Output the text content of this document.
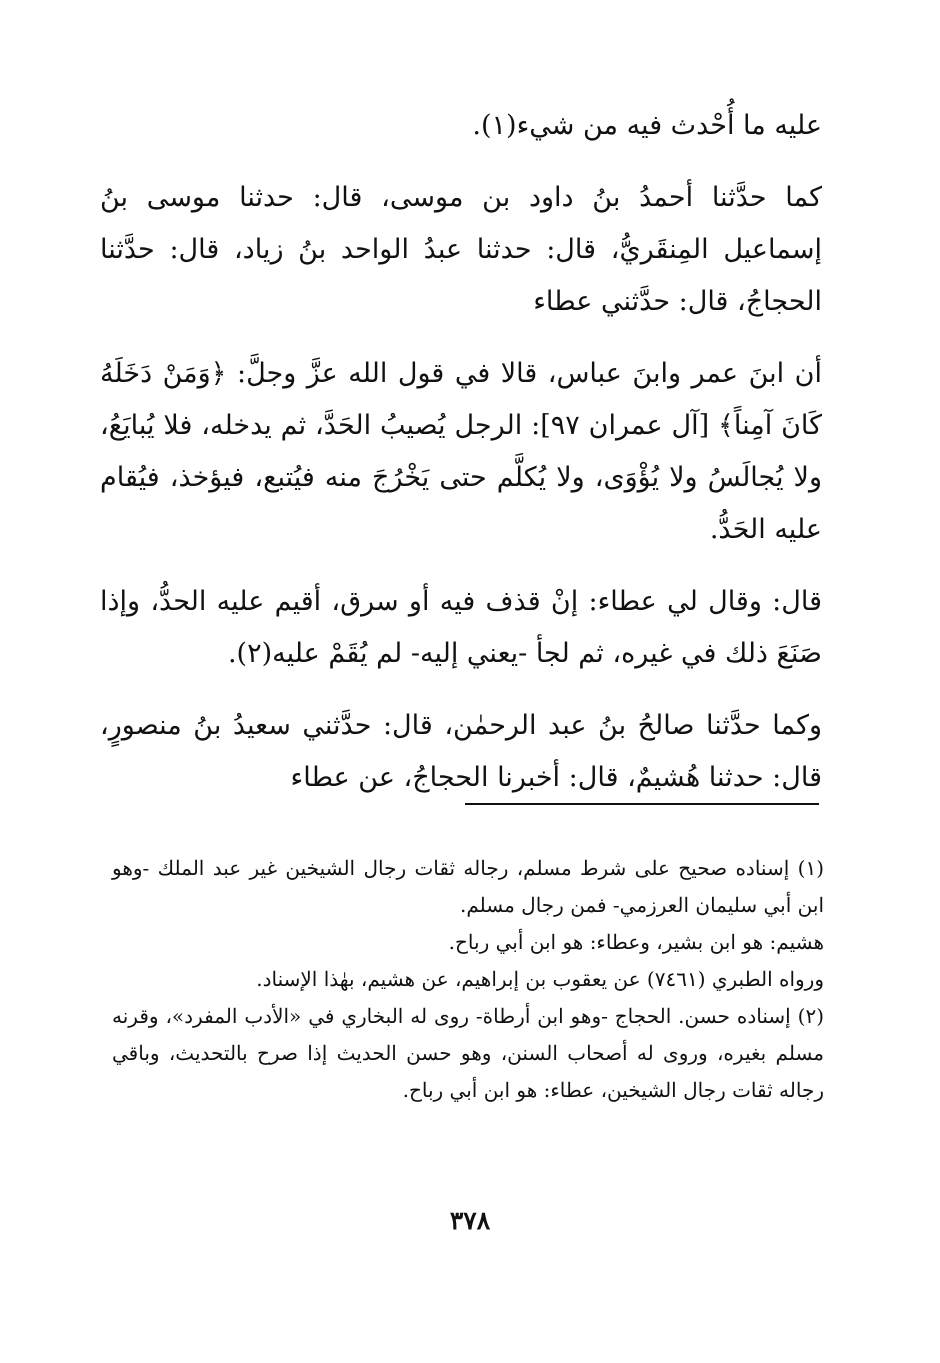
عليه ما أُحْدث فيه من شيء(١).

كما حدَّثنا أحمدُ بنُ داود بن موسى، قال: حدثنا موسى بنُ إسماعيل المِنقَريُّ، قال: حدثنا عبدُ الواحد بنُ زياد، قال: حدَّثنا الحجاجُ، قال: حدَّثني عطاء

أن ابنَ عمر وابنَ عباس، قالا في قول الله عزَّ وجلَّ: ﴿وَمَنْ دَخَلَهُ كَانَ آمِناً﴾ [آل عمران ٩٧]: الرجل يُصيبُ الحَدَّ، ثم يدخله، فلا يُبايَعُ، ولا يُجالَسُ ولا يُؤْوَى، ولا يُكلَّم حتى يَخْرُجَ منه فيُتبع، فيؤخذ، فيُقام عليه الحَدُّ.

قال: وقال لي عطاء: إنْ قذف فيه أو سرق، أقيم عليه الحدُّ، وإذا صَنَعَ ذلك في غيره، ثم لجأ -يعني إليه- لم يُقَمْ عليه(٢).

وكما حدَّثنا صالحُ بنُ عبد الرحمٰن، قال: حدَّثني سعيدُ بنُ منصورٍ، قال: حدثنا هُشيمٌ، قال: أخبرنا الحجاجُ، عن عطاء

(١) إسناده صحيح على شرط مسلم، رجاله ثقات رجال الشيخين غير عبد الملك -وهو ابن أبي سليمان العرزمي- فمن رجال مسلم.

هشيم: هو ابن بشير، وعطاء: هو ابن أبي رباح.

ورواه الطبري (٧٤٦١) عن يعقوب بن إبراهيم، عن هشيم، بهٰذا الإسناد.

(٢) إسناده حسن. الحجاج -وهو ابن أرطاة- روى له البخاري في «الأدب المفرد»، وقرنه مسلم بغيره، وروى له أصحاب السنن، وهو حسن الحديث إذا صرح بالتحديث، وباقي رجاله ثقات رجال الشيخين، عطاء: هو ابن أبي رباح.

٣٧٨
